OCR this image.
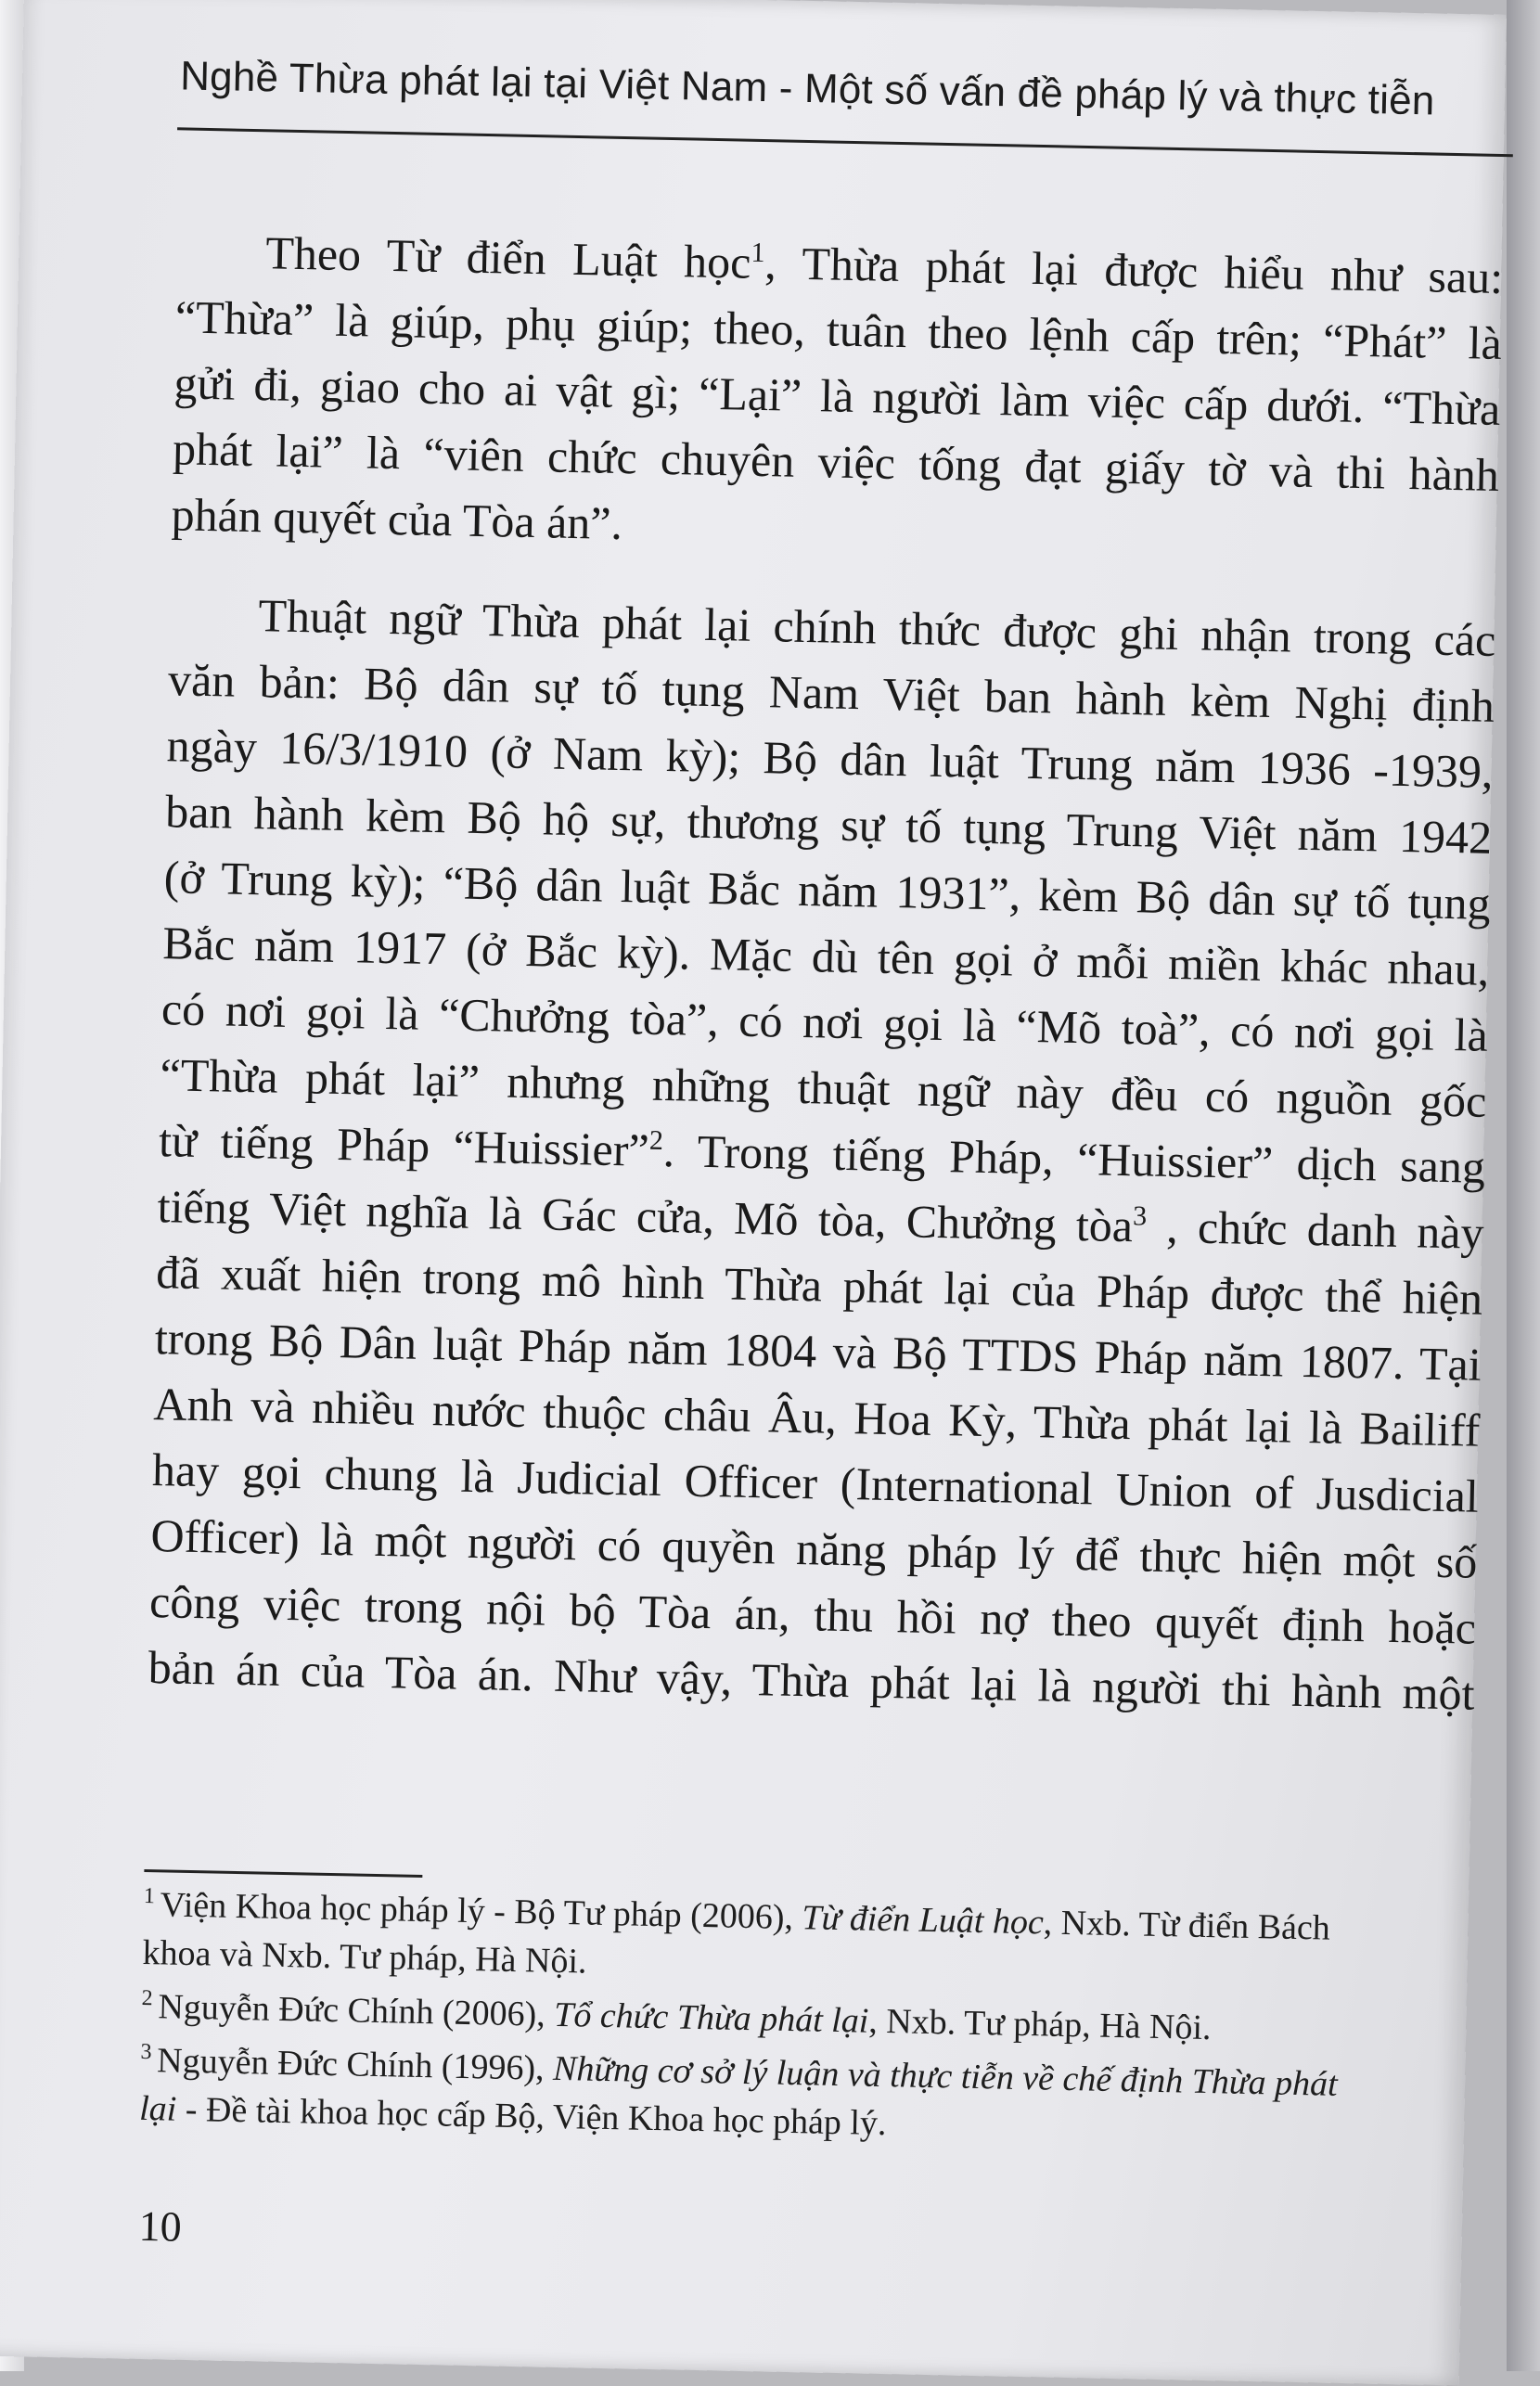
Nghề Thừa phát lại tại Việt Nam - Một số vấn đề pháp lý và thực tiễn

Theo Từ điển Luật học$^1$, Thừa phát lại được hiểu như sau:
“Thừa” là giúp, phụ giúp; theo, tuân theo lệnh cấp trên; “Phát” là
gửi đi, giao cho ai vật gì; “Lại” là người làm việc cấp dưới. “Thừa
phát lại” là “viên chức chuyên việc tống đạt giấy tờ và thi hành
phán quyết của Tòa án”.

Thuật ngữ Thừa phát lại chính thức được ghi nhận trong các
văn bản: Bộ dân sự tố tụng Nam Việt ban hành kèm Nghị định
ngày 16/3/1910 (ở Nam kỳ); Bộ dân luật Trung năm 1936 -1939,
ban hành kèm Bộ hộ sự, thương sự tố tụng Trung Việt năm 1942
(ở Trung kỳ); “Bộ dân luật Bắc năm 1931”, kèm Bộ dân sự tố tụng
Bắc năm 1917 (ở Bắc kỳ). Mặc dù tên gọi ở mỗi miền khác nhau,
có nơi gọi là “Chưởng tòa”, có nơi gọi là “Mõ toà”, có nơi gọi là
“Thừa phát lại” nhưng những thuật ngữ này đều có nguồn gốc
từ tiếng Pháp “Huissier”$^2$. Trong tiếng Pháp, “Huissier” dịch sang
tiếng Việt nghĩa là Gác cửa, Mõ tòa, Chưởng tòa$^3$ , chức danh này
đã xuất hiện trong mô hình Thừa phát lại của Pháp được thể hiện
trong Bộ Dân luật Pháp năm 1804 và Bộ TTDS Pháp năm 1807. Tại
Anh và nhiều nước thuộc châu Âu, Hoa Kỳ, Thừa phát lại là Bailiff
hay gọi chung là Judicial Officer (International Union of Jusdicial
Officer) là một người có quyền năng pháp lý để thực hiện một số
công việc trong nội bộ Tòa án, thu hồi nợ theo quyết định hoặc
bản án của Tòa án. Như vậy, Thừa phát lại là người thi hành một

$^1$ Viện Khoa học pháp lý - Bộ Tư pháp (2006), Từ điển Luật học, Nxb. Từ điển Bách
khoa và Nxb. Tư pháp, Hà Nội.
$^2$ Nguyễn Đức Chính (2006), Tổ chức Thừa phát lại, Nxb. Tư pháp, Hà Nội.
$^3$ Nguyễn Đức Chính (1996), Những cơ sở lý luận và thực tiễn về chế định Thừa phát
lại - Đề tài khoa học cấp Bộ, Viện Khoa học pháp lý.
10
